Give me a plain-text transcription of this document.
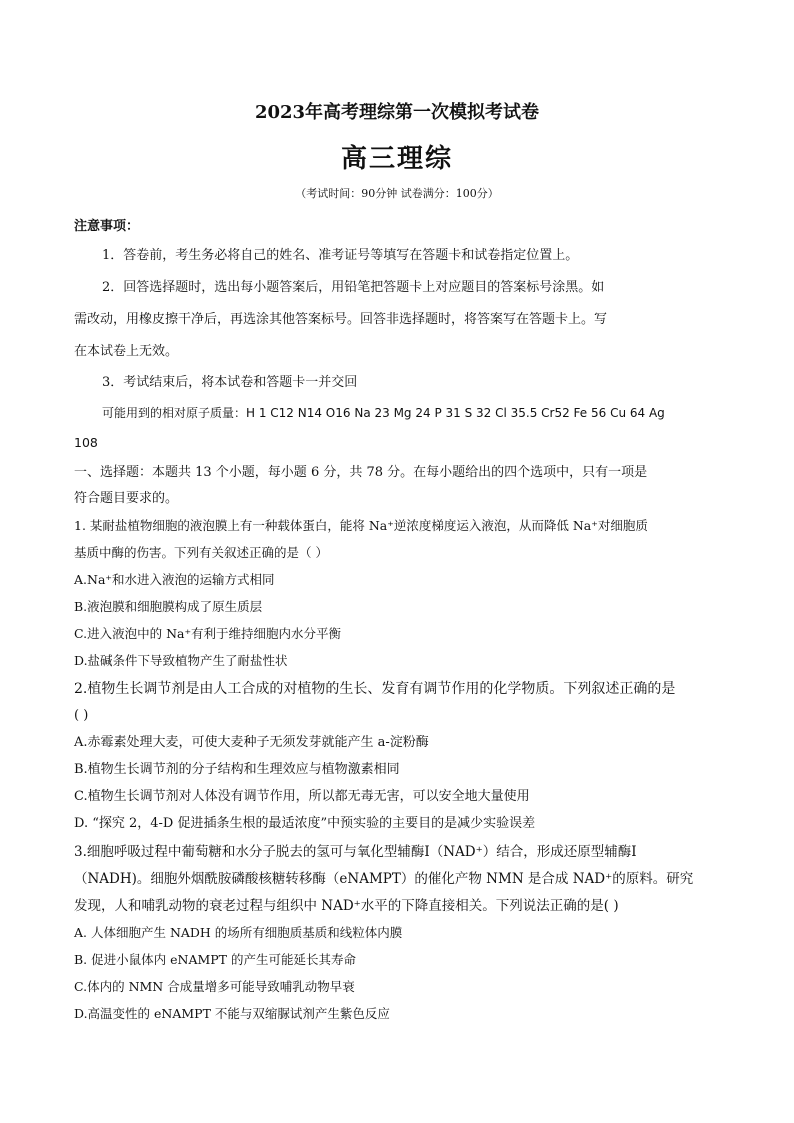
2023年高考理综第一次模拟考试卷
高三理综
（考试时间：90分钟 试卷满分：100分）
注意事项：
1．答卷前，考生务必将自己的姓名、准考证号等填写在答题卡和试卷指定位置上。
2．回答选择题时，选出每小题答案后，用铅笔把答题卡上对应题目的答案标号涂黑。如
需改动，用橡皮擦干净后，再选涂其他答案标号。回答非选择题时，将答案写在答题卡上。写
在本试卷上无效。
3．考试结束后，将本试卷和答题卡一并交回
可能用到的相对原子质量：H 1 C12 N14 O16 Na 23 Mg 24 P 31 S 32 Cl 35.5 Cr52 Fe 56 Cu 64 Ag
108
一、选择题：本题共 13 个小题，每小题 6 分，共 78 分。在每小题给出的四个选项中，只有一项是
符合题目要求的。
1. 某耐盐植物细胞的液泡膜上有一种载体蛋白，能将 Na⁺逆浓度梯度运入液泡，从而降低 Na⁺对细胞质
基质中酶的伤害。下列有关叙述正确的是（ ）
A.Na⁺和水进入液泡的运输方式相同
B.液泡膜和细胞膜构成了原生质层
C.进入液泡中的 Na⁺有利于维持细胞内水分平衡
D.盐碱条件下导致植物产生了耐盐性状
2.植物生长调节剂是由人工合成的对植物的生长、发育有调节作用的化学物质。下列叙述正确的是
( )
A.赤霉素处理大麦，可使大麦种子无须发芽就能产生 a-淀粉酶
B.植物生长调节剂的分子结构和生理效应与植物激素相同
C.植物生长调节剂对人体没有调节作用，所以都无毒无害，可以安全地大量使用
D. “探究 2，4-D 促进插条生根的最适浓度”中预实验的主要目的是减少实验误差
3.细胞呼吸过程中葡萄糖和水分子脱去的氢可与氧化型辅酶Ⅰ（NAD⁺）结合，形成还原型辅酶Ⅰ
（NADH)。细胞外烟酰胺磷酸核糖转移酶（eNAMPT）的催化产物 NMN 是合成 NAD⁺的原料。研究
发现，人和哺乳动物的衰老过程与组织中 NAD⁺水平的下降直接相关。下列说法正确的是( )
A. 人体细胞产生 NADH 的场所有细胞质基质和线粒体内膜
B. 促进小鼠体内 eNAMPT 的产生可能延长其寿命
C.体内的 NMN 合成量增多可能导致哺乳动物早衰
D.高温变性的 eNAMPT 不能与双缩脲试剂产生紫色反应
